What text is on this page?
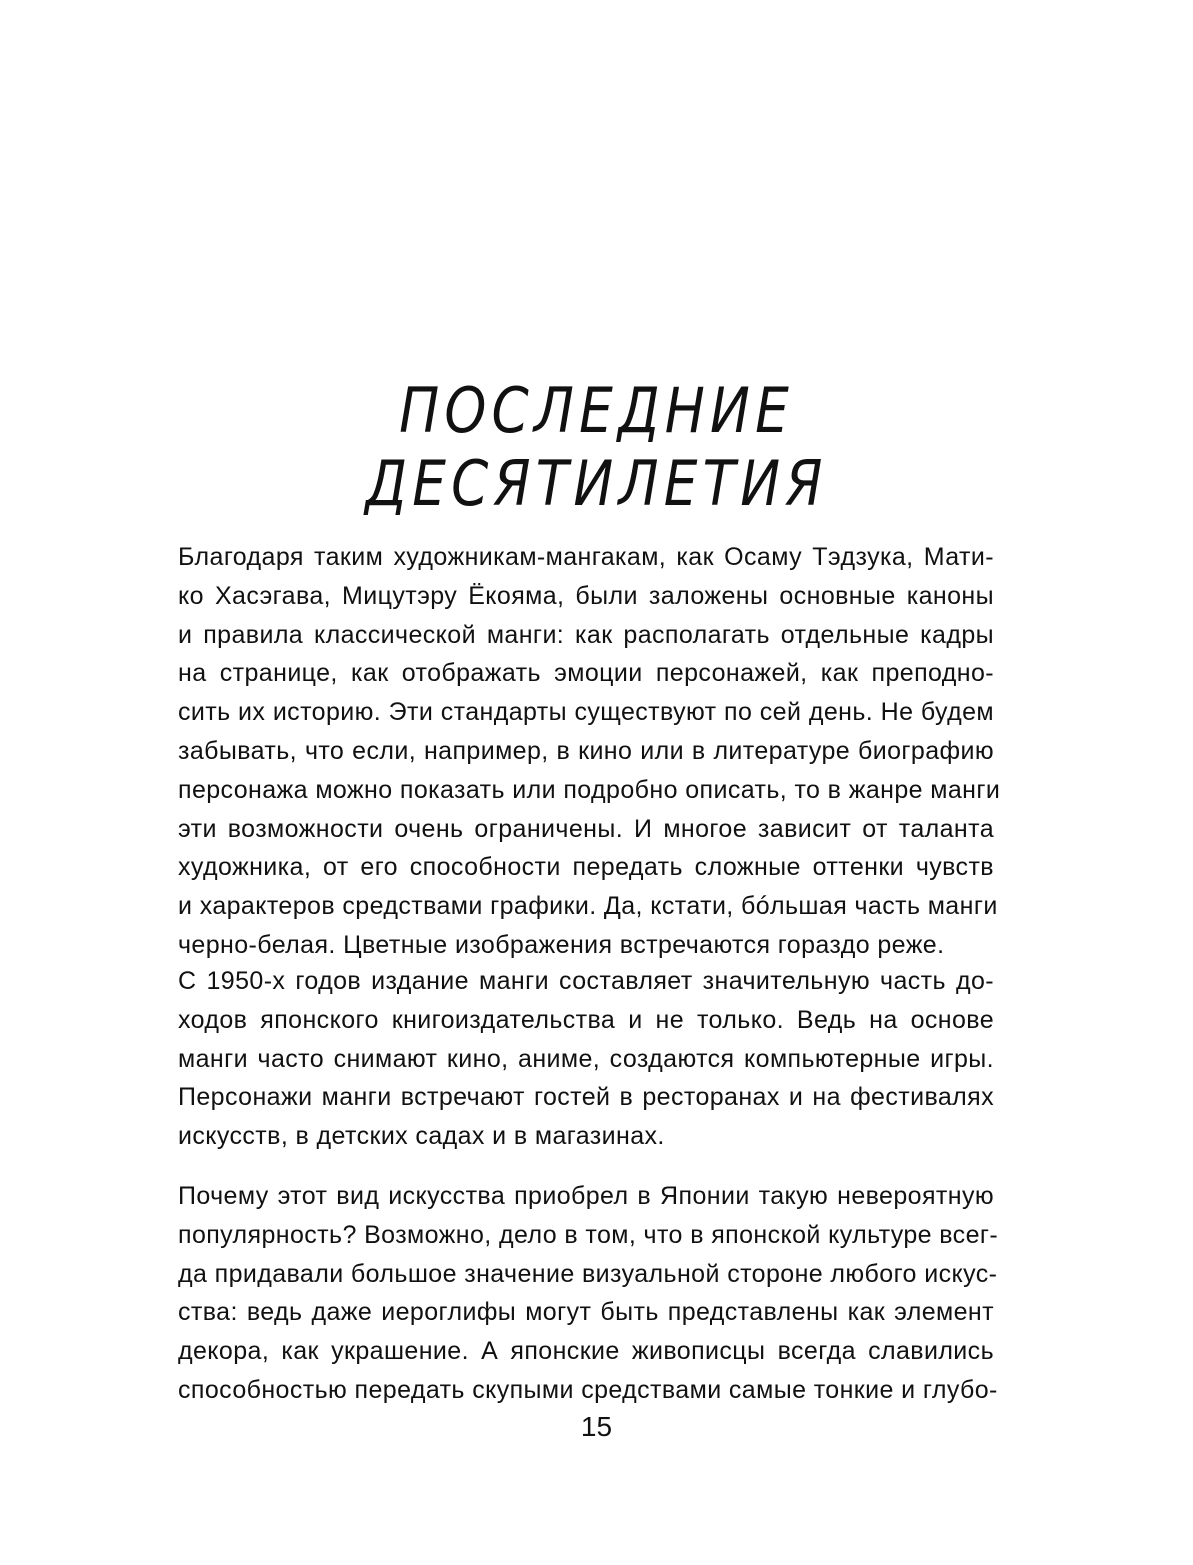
ПОСЛЕДНИЕ
ДЕСЯТИЛЕТИЯ
Благодаря таким художникам-мангакам, как Осаму Тэдзука, Мати-
ко Хасэгава, Мицутэру Ёкояма, были заложены основные каноны
и правила классической манги: как располагать отдельные кадры
на странице, как отображать эмоции персонажей, как преподно-
сить их историю. Эти стандарты существуют по сей день. Не будем
забывать, что если, например, в кино или в литературе биографию
персонажа можно показать или подробно описать, то в жанре манги
эти возможности очень ограничены. И многое зависит от таланта
художника, от его способности передать сложные оттенки чувств
и характеров средствами графики. Да, кстати, бóльшая часть манги
черно-белая. Цветные изображения встречаются гораздо реже.
С 1950-х годов издание манги составляет значительную часть до-
ходов японского книгоиздательства и не только. Ведь на основе
манги часто снимают кино, аниме, создаются компьютерные игры.
Персонажи манги встречают гостей в ресторанах и на фестивалях
искусств, в детских садах и в магазинах.
Почему этот вид искусства приобрел в Японии такую невероятную
популярность? Возможно, дело в том, что в японской культуре всег-
да придавали большое значение визуальной стороне любого искус-
ства: ведь даже иероглифы могут быть представлены как элемент
декора, как украшение. А японские живописцы всегда славились
способностью передать скупыми средствами самые тонкие и глубо-
15
